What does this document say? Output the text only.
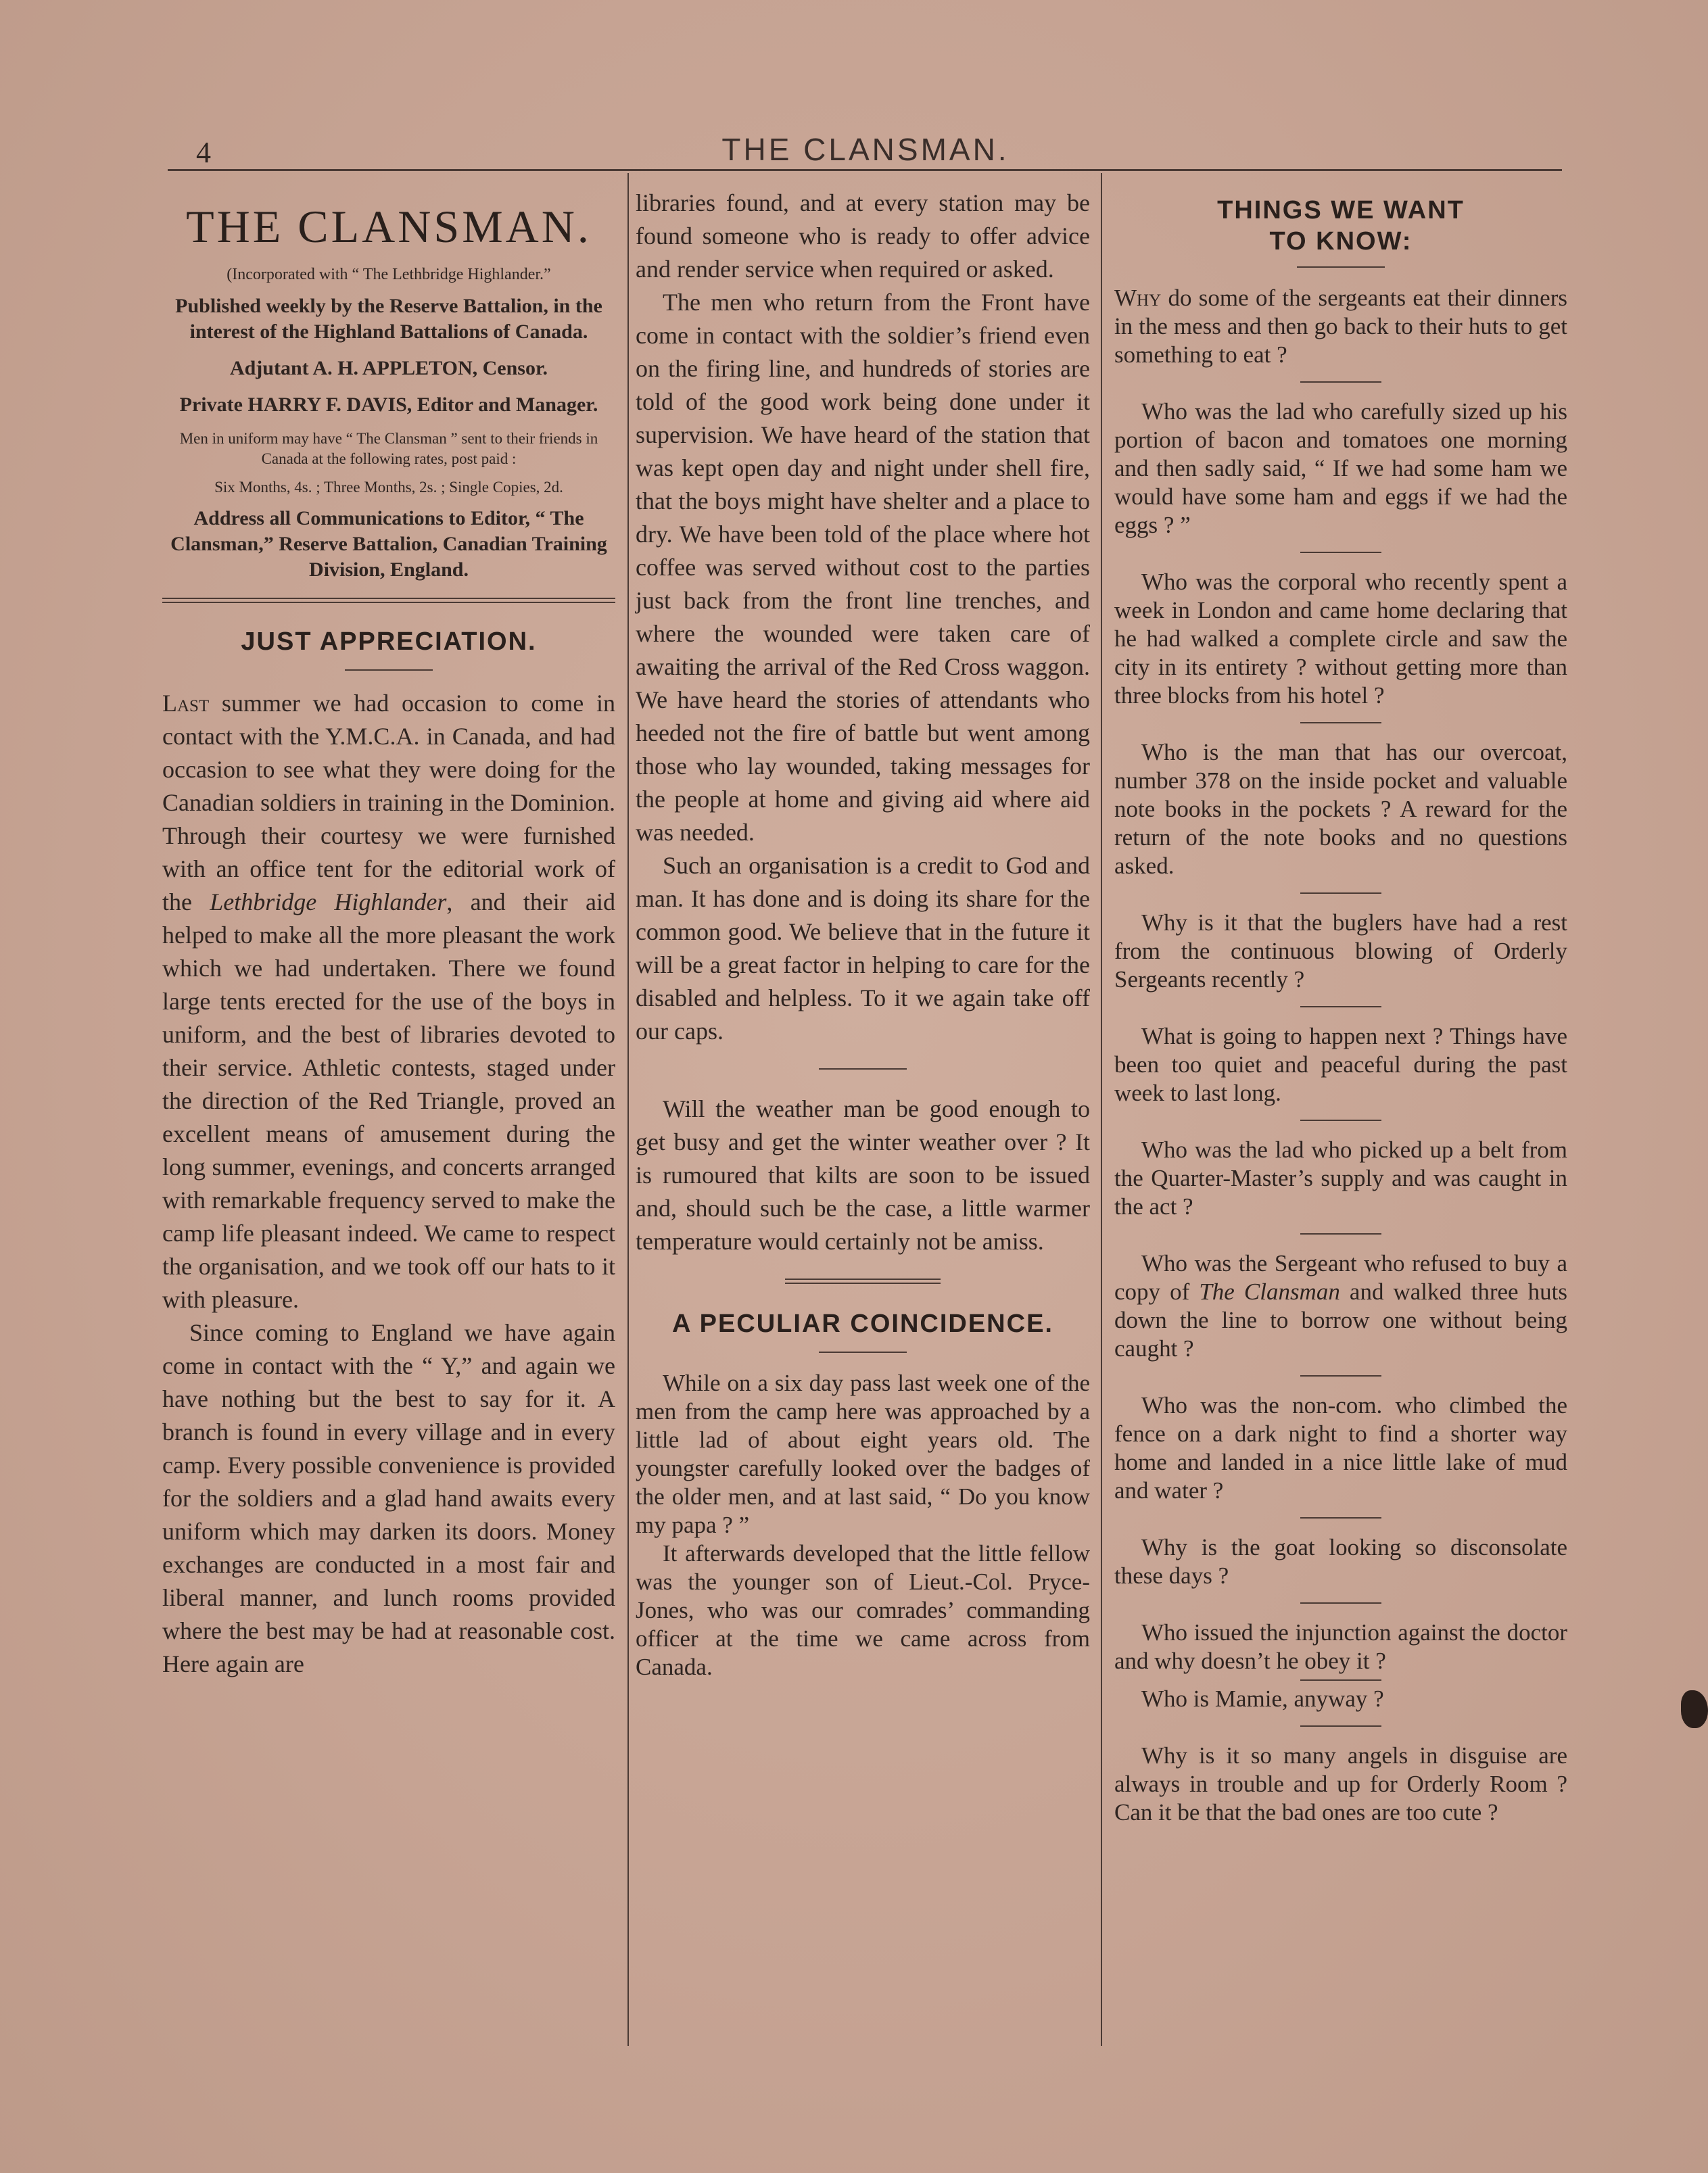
4	THE CLANSMAN.
THE CLANSMAN.

(Incorporated with “ The Lethbridge Highlander.”

Published weekly by the Reserve Battalion, in the interest of the Highland Battalions of Canada.

Adjutant A. H. APPLETON, Censor.

Private HARRY F. DAVIS, Editor and Manager.

Men in uniform may have “ The Clansman ” sent to their friends in Canada at the following rates, post paid :

Six Months, 4s. ; Three Months, 2s. ; Single Copies, 2d.

Address all Communications to Editor, “ The Clansman,” Reserve Battalion, Canadian Training Division, England.

JUST APPRECIATION.

Last summer we had occasion to come in contact with the Y.M.C.A. in Canada, and had occasion to see what they were doing for the Canadian soldiers in training in the Dominion. Through their courtesy we were furnished with an office tent for the editorial work of the Lethbridge Highlander, and their aid helped to make all the more pleasant the work which we had undertaken. There we found large tents erected for the use of the boys in uniform, and the best of libraries devoted to their service. Athletic contests, staged under the direction of the Red Triangle, proved an excellent means of amusement during the long summer, evenings, and concerts arranged with remarkable frequency served to make the camp life pleasant indeed. We came to respect the organisation, and we took off our hats to it with pleasure.

Since coming to England we have again come in contact with the “ Y,” and again we have nothing but the best to say for it. A branch is found in every village and in every camp. Every possible convenience is provided for the soldiers and a glad hand awaits every uniform which may darken its doors. Money exchanges are conducted in a most fair and liberal manner, and lunch rooms provided where the best may be had at reasonable cost. Here again are

libraries found, and at every station may be found someone who is ready to offer advice and render service when required or asked.

The men who return from the Front have come in contact with the soldier’s friend even on the firing line, and hundreds of stories are told of the good work being done under it supervision. We have heard of the station that was kept open day and night under shell fire, that the boys might have shelter and a place to dry. We have been told of the place where hot coffee was served without cost to the parties just back from the front line trenches, and where the wounded were taken care of awaiting the arrival of the Red Cross waggon. We have heard the stories of attendants who heeded not the fire of battle but went among those who lay wounded, taking messages for the people at home and giving aid where aid was needed.

Such an organisation is a credit to God and man. It has done and is doing its share for the common good. We believe that in the future it will be a great factor in helping to care for the disabled and helpless. To it we again take off our caps.

Will the weather man be good enough to get busy and get the winter weather over ? It is rumoured that kilts are soon to be issued and, should such be the case, a little warmer temperature would certainly not be amiss.

A PECULIAR COINCIDENCE.

While on a six day pass last week one of the men from the camp here was approached by a little lad of about eight years old. The youngster carefully looked over the badges of the older men, and at last said, “ Do you know my papa ? ”

It afterwards developed that the little fellow was the younger son of Lieut.-Col. Pryce-Jones, who was our comrades’ commanding officer at the time we came across from Canada.

THINGS WE WANT
TO KNOW:

Why do some of the sergeants eat their dinners in the mess and then go back to their huts to get something to eat ?

Who was the lad who carefully sized up his portion of bacon and tomatoes one morning and then sadly said, “ If we had some ham we would have some ham and eggs if we had the eggs ? ”

Who was the corporal who recently spent a week in London and came home declaring that he had walked a complete circle and saw the city in its entirety ? without getting more than three blocks from his hotel ?

Who is the man that has our overcoat, number 378 on the inside pocket and valuable note books in the pockets ? A reward for the return of the note books and no questions asked.

Why is it that the buglers have had a rest from the continuous blowing of Orderly Sergeants recently ?

What is going to happen next ? Things have been too quiet and peaceful during the past week to last long.

Who was the lad who picked up a belt from the Quarter-Master’s supply and was caught in the act ?

Who was the Sergeant who refused to buy a copy of The Clansman and walked three huts down the line to borrow one without being caught ?

Who was the non-com. who climbed the fence on a dark night to find a shorter way home and landed in a nice little lake of mud and water ?

Why is the goat looking so disconsolate these days ?

Who issued the injunction against the doctor and why doesn’t he obey it ?

Who is Mamie, anyway ?

Why is it so many angels in disguise are always in trouble and up for Orderly Room ? Can it be that the bad ones are too cute ?
